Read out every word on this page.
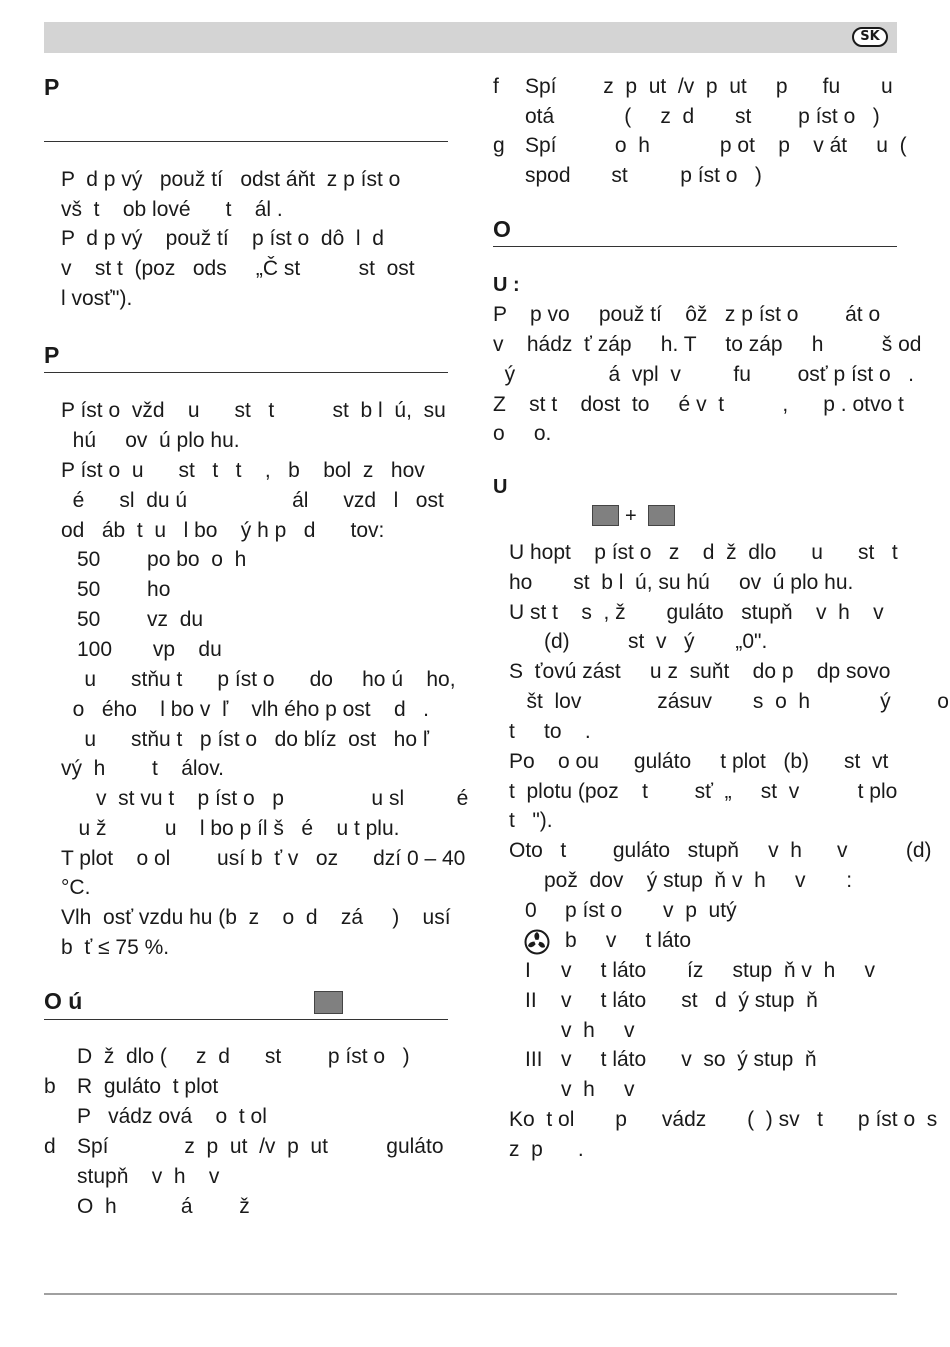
SK
P
P  d p vý   použ tí   odst áňt  z p íst o
vš  t    ob lové      t    ál .
P  d p vý    použ tí    p íst o  dô  l  d
v    st t  (poz   ods     „Č st          st  ost
l vosť").
P
P íst o  vžd    u      st   t          st  b l  ú,  su
hú     ov  ú plo hu.
P íst o  u      st   t   t    ,   b    bol  z   hov
é      sl  du ú                  ál      vzd   l   ost
od   áb  t  u   l bo    ý h p   d      tov:
50        po bo  o  h
50        ho
50        vz  du
100       vp    du
u      stňu t      p íst o      do     ho ú    ho,
o   ého    l bo v  ľ    vlh ého p ost    d   .
u      stňu t   p íst o   do blíz  ost   ho ľ
vý  h        t    álov.
v  st vu t    p íst o   p               u sl         é
u ž          u    l bo p íl š   é    u t plu.
T plot    o ol        usí b  ť v   oz      dzí 0 – 40
°C.
Vlh  osť vzdu hu (b  z    o  d    zá     )    usí
b  ť ≤ 75 %.
O ú
D  ž  dlo (     z  d      st        p íst o   )
b	R  guláto  t plot
P   vádz ová    o  t ol
d	Spí             z  p  ut  /v  p  ut          guláto
stupň    v  h    v
O  h           á        ž
f	Spí        z  p  ut  /v  p  ut     p      fu       u
otá            (     z  d       st        p íst o   )
g Spí          o  h            p ot    p    v át     u  (
spod       st         p íst o   )
O
U :
P    p vo     použ tí    ôž   z p íst o        át o
v    hádz  ť záp     h. T     to záp     h          š od
ý                á  vpl  v         fu        osť p íst o   .
Z    st t    dost  to     é v  t          ,      p . otvo t
o     o.
U
+
U hopt    p íst o   z    d  ž  dlo      u      st   t
ho       st  b l  ú, su hú     ov  ú plo hu.
U st t    s  , ž       guláto   stupň    v  h    v
(d)          st  v   ý       „0".
S  ťovú zást     u z  suňt    do p    dp sovo
št  lov             zásuv       s  o  h            ý        o
t     to    .
Po    o ou      guláto     t plot   (b)      st  vt
t  plotu (poz    t        sť  „     st  v          t plo
t   ").
Oto   t        guláto   stupň     v  h      v          (d)
pož  dov    ý stup  ň v  h     v       :
0 p íst o       v  p  utý
b     v     t láto
I v     t láto       íz     stup  ň v  h     v
II v     t láto      st   d  ý stup  ň
v  h     v
III v     t láto      v  so  ý stup  ň
v  h     v
Ko  t ol       p      vádz       (  ) sv   t      p íst o  s
z  p      .
